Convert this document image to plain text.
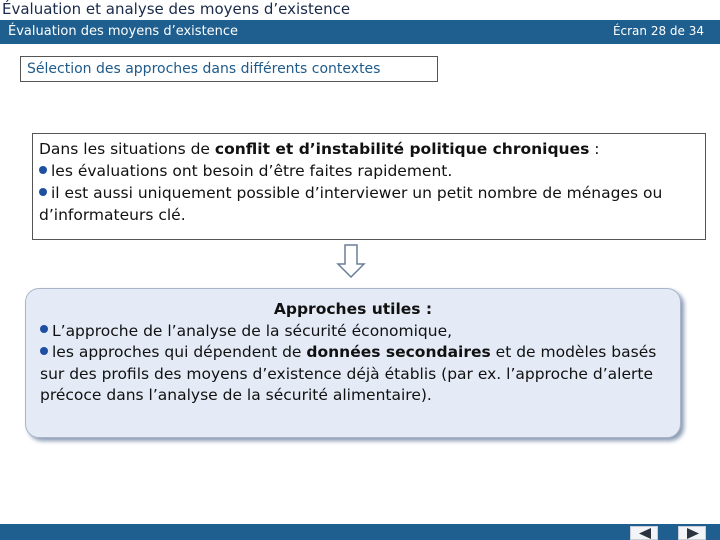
Évaluation et analyse des moyens d’existence
Évaluation des moyens d’existence	Écran 28 de 34
Sélection des approches dans différents contextes

Dans les situations de conflit et d’instabilité politique chroniques :

les évaluations ont besoin d’être faites rapidement.

il est aussi uniquement possible d’interviewer un petit nombre de ménages ou d’informateurs clé.

Approches utiles :

L’approche de l’analyse de la sécurité économique,

les approches qui dépendent de données secondaires et de modèles basés sur des profils des moyens d’existence déjà établis (par ex. l’approche d’alerte précoce dans l’analyse de la sécurité alimentaire).
